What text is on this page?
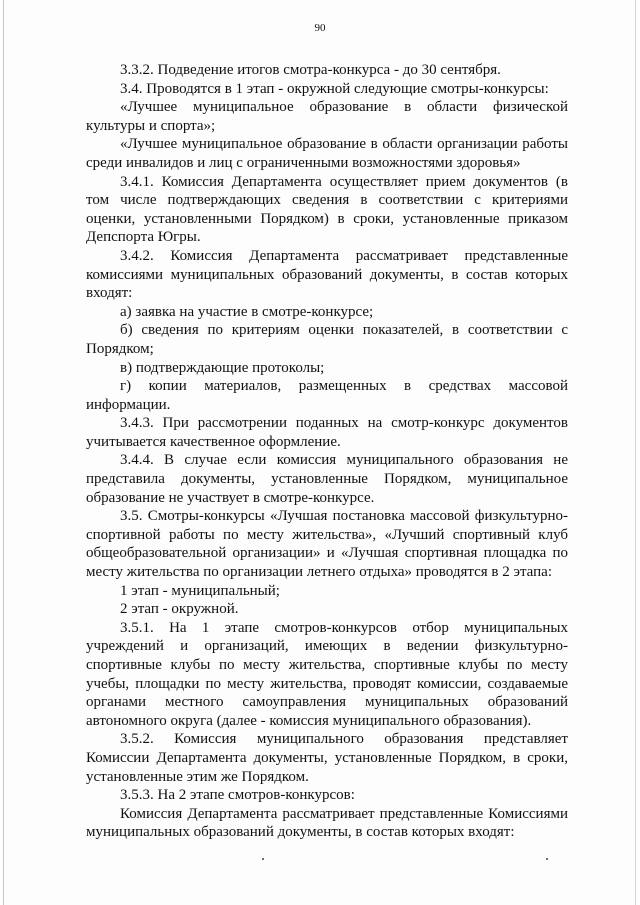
90

3.3.2. Подведение итогов смотра-конкурса - до 30 сентября.

3.4. Проводятся в 1 этап - окружной следующие смотры-конкурсы:

«Лучшее муниципальное образование в области физической культуры и спорта»;

«Лучшее муниципальное образование в области организации работы среди инвалидов и лиц с ограниченными возможностями здоровья»

3.4.1. Комиссия Департамента осуществляет прием документов (в том числе подтверждающих сведения в соответствии с критериями оценки, установленными Порядком) в сроки, установленные приказом Депспорта Югры.

3.4.2. Комиссия Департамента рассматривает представленные комиссиями муниципальных образований документы, в состав которых входят:

а) заявка на участие в смотре-конкурсе;

б) сведения по критериям оценки показателей, в соответствии с Порядком;

в) подтверждающие протоколы;

г) копии материалов, размещенных в средствах массовой информации.

3.4.3. При рассмотрении поданных на смотр-конкурс документов учитывается качественное оформление.

3.4.4. В случае если комиссия муниципального образования не представила документы, установленные Порядком, муниципальное образование не участвует в смотре-конкурсе.

3.5. Смотры-конкурсы «Лучшая постановка массовой физкультурно-спортивной работы по месту жительства», «Лучший спортивный клуб общеобразовательной организации» и «Лучшая спортивная площадка по месту жительства по организации летнего отдыха» проводятся в 2 этапа:

1 этап - муниципальный;

2 этап - окружной.

3.5.1. На 1 этапе смотров-конкурсов отбор муниципальных учреждений и организаций, имеющих в ведении физкультурно-спортивные клубы по месту жительства, спортивные клубы по месту учебы, площадки по месту жительства, проводят комиссии, создаваемые органами местного самоуправления муниципальных образований автономного округа (далее - комиссия муниципального образования).

3.5.2. Комиссия муниципального образования представляет Комиссии Департамента документы, установленные Порядком, в сроки, установленные этим же Порядком.

3.5.3. На 2 этапе смотров-конкурсов:

Комиссия Департамента рассматривает представленные Комиссиями муниципальных образований документы, в состав которых входят:
